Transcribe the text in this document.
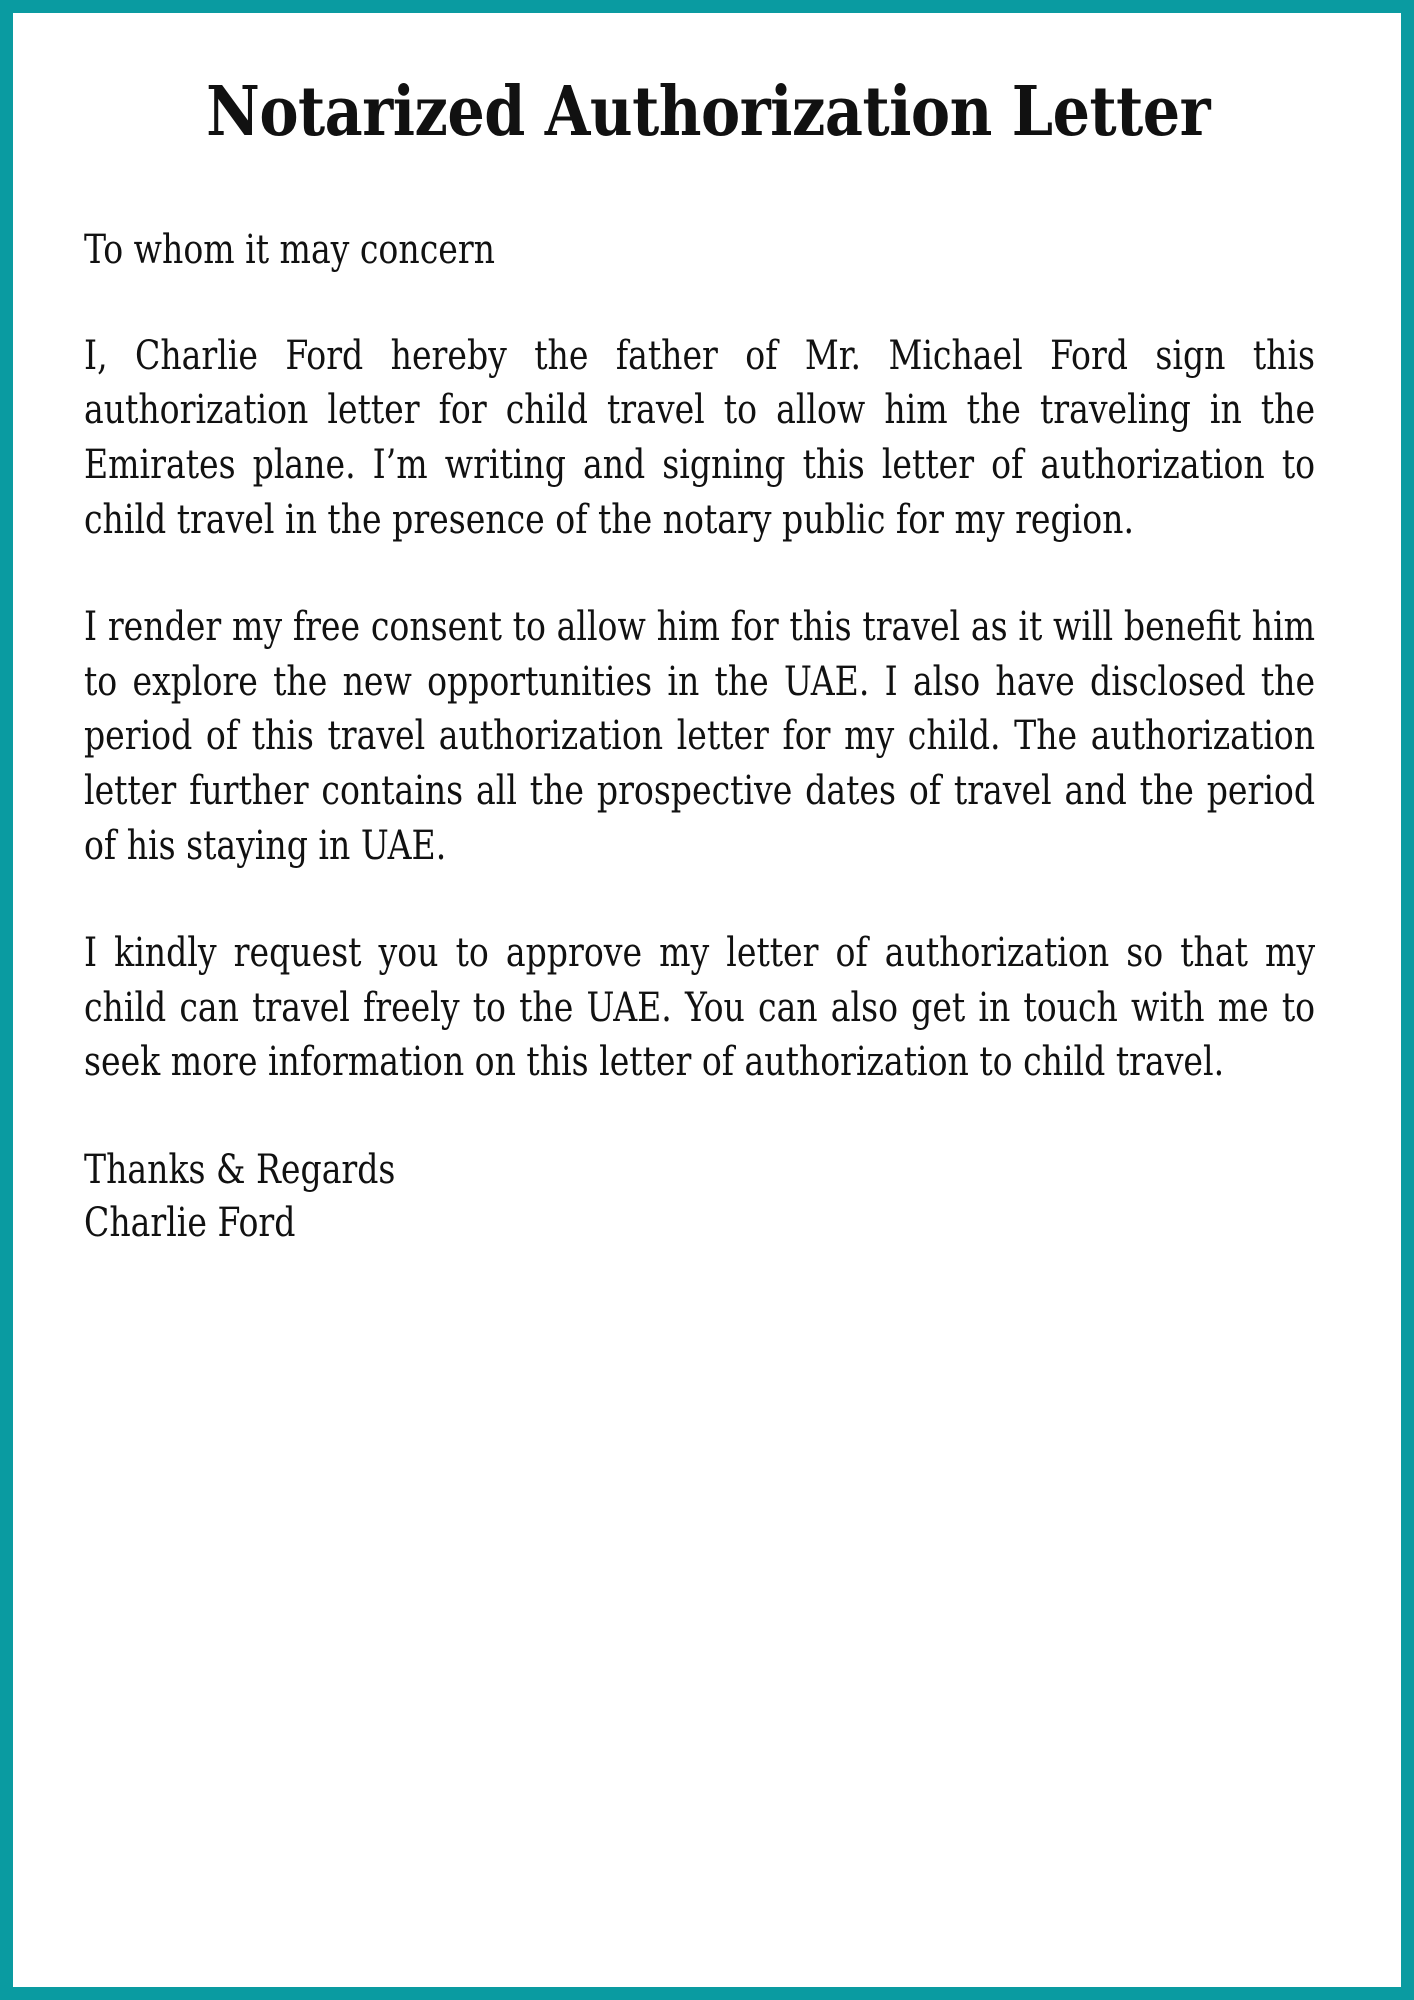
Notarized Authorization Letter

To whom it may concern

I, Charlie Ford hereby the father of Mr. Michael Ford sign this authorization letter for child travel to allow him the traveling in the Emirates plane. I’m writing and signing this letter of authorization to child travel in the presence of the notary public for my region.

I render my free consent to allow him for this travel as it will benefit him to explore the new opportunities in the UAE. I also have disclosed the period of this travel authorization letter for my child. The authorization letter further contains all the prospective dates of travel and the period of his staying in UAE.

I kindly request you to approve my letter of authorization so that my child can travel freely to the UAE. You can also get in touch with me to seek more information on this letter of authorization to child travel.

Thanks & Regards
Charlie Ford
